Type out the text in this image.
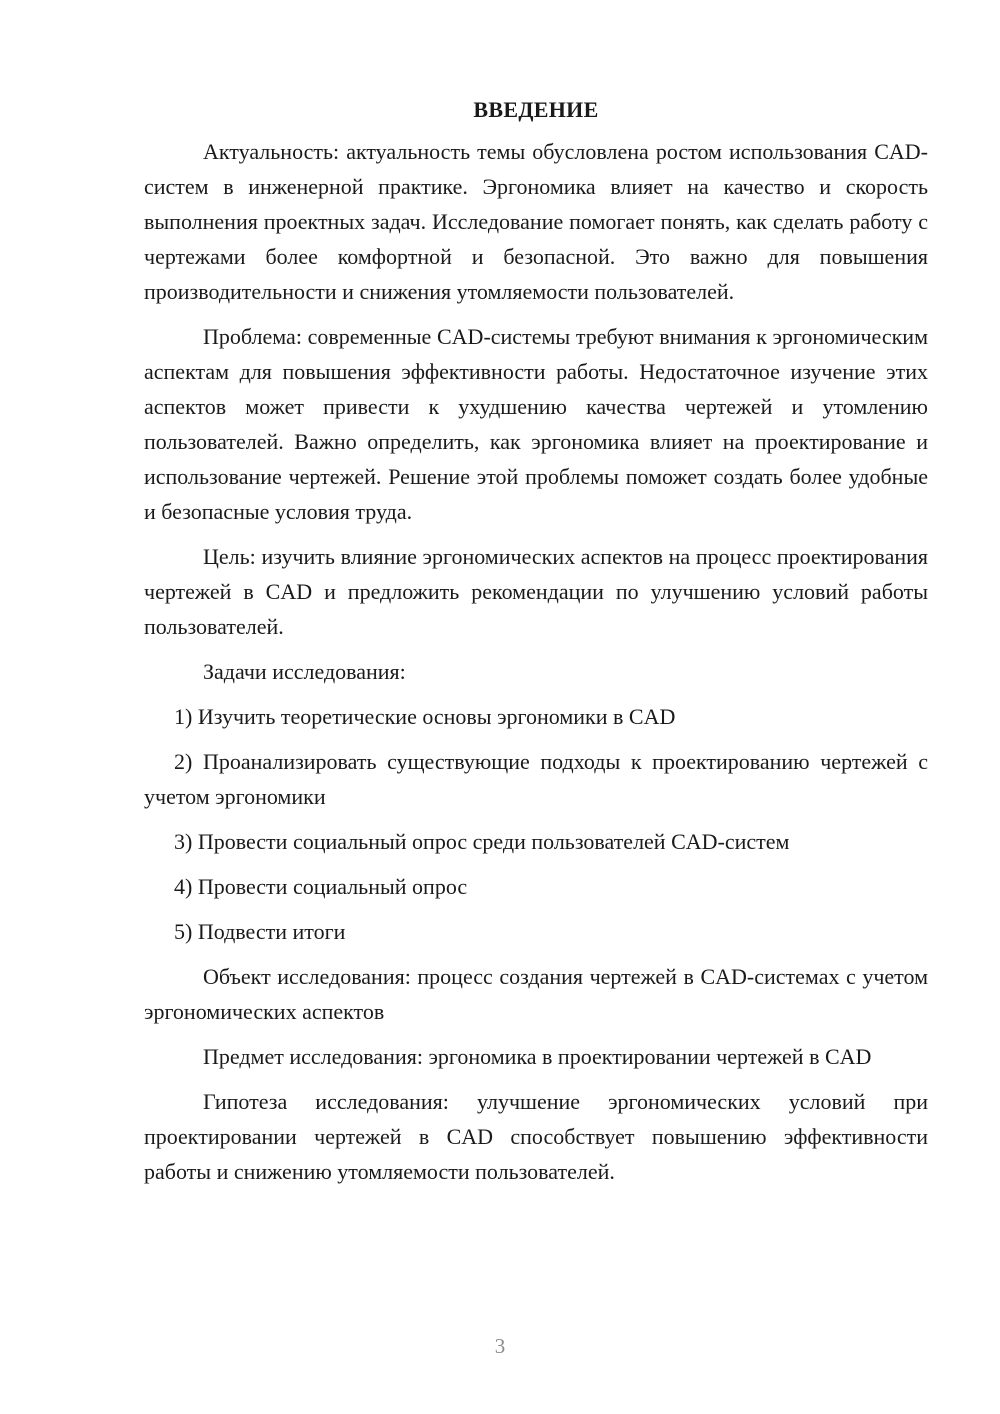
ВВЕДЕНИЕ

Актуальность: актуальность темы обусловлена ростом использования CAD-систем в инженерной практике. Эргономика влияет на качество и скорость выполнения проектных задач. Исследование помогает понять, как сделать работу с чертежами более комфортной и безопасной. Это важно для повышения производительности и снижения утомляемости пользователей.

Проблема: современные CAD-системы требуют внимания к эргономическим аспектам для повышения эффективности работы. Недостаточное изучение этих аспектов может привести к ухудшению качества чертежей и утомлению пользователей. Важно определить, как эргономика влияет на проектирование и использование чертежей. Решение этой проблемы поможет создать более удобные и безопасные условия труда.

Цель: изучить влияние эргономических аспектов на процесс проектирования чертежей в CAD и предложить рекомендации по улучшению условий работы пользователей.

Задачи исследования:

1) Изучить теоретические основы эргономики в CAD

2) Проанализировать существующие подходы к проектированию чертежей с учетом эргономики

3) Провести социальный опрос среди пользователей CAD-систем

4) Провести социальный опрос

5) Подвести итоги

Объект исследования: процесс создания чертежей в CAD-системах с учетом эргономических аспектов

Предмет исследования: эргономика в проектировании чертежей в CAD

Гипотеза исследования: улучшение эргономических условий при проектировании чертежей в CAD способствует повышению эффективности работы и снижению утомляемости пользователей.

3
